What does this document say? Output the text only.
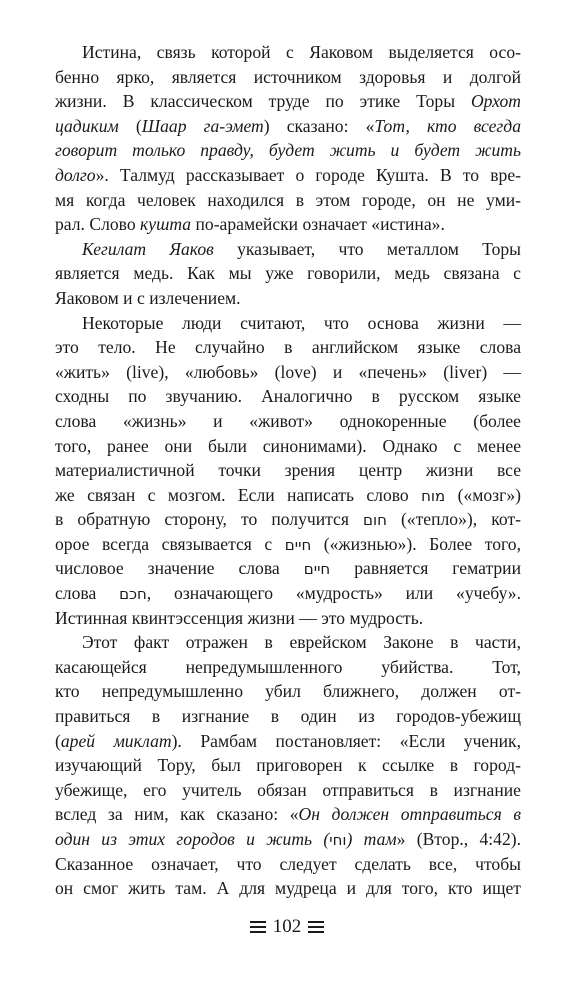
Истина, связь которой с Яаковом выделяется осо-
бенно ярко, является источником здоровья и долгой
жизни. В классическом труде по этике Торы Орхот
цадиким (Шаар га-эмет) сказано: «Тот, кто всегда
говорит только правду, будет жить и будет жить
долго». Талмуд рассказывает о городе Кушта. В то вре-
мя когда человек находился в этом городе, он не уми-
рал. Слово кушта по-арамейски означает «истина».
Кегилат Яаков указывает, что металлом Торы
является медь. Как мы уже говорили, медь связана с
Яаковом и с излечением.
Некоторые люди считают, что основа жизни —
это тело. Не случайно в английском языке слова
«жить» (live), «любовь» (love) и «печень» (liver) —
сходны по звучанию. Аналогично в русском языке
слова «жизнь» и «живот» однокоренные (более
того, ранее они были синонимами). Однако с менее
материалистичной точки зрения центр жизни все
же связан с мозгом. Если написать слово מוח («мозг»)
в обратную сторону, то получится חום («тепло»), кот-
орое всегда связывается с חיים («жизнью»). Более того,
числовое значение слова חיים равняется гематрии
слова חכם, означающего «мудрость» или «учебу».
Истинная квинтэссенция жизни — это мудрость.
Этот факт отражен в еврейском Законе в части,
касающейся непредумышленного убийства. Тот,
кто непредумышленно убил ближнего, должен от-
правиться в изгнание в один из городов-убежищ
(арей миклат). Рамбам постановляет: «Если ученик,
изучающий Тору, был приговорен к ссылке в город-
убежище, его учитель обязан отправиться в изгнание
вслед за ним, как сказано: «Он должен отправиться в
один из этих городов и жить (וחי) там» (Втор., 4:42).
Сказанное означает, что следует сделать все, чтобы
он смог жить там. А для мудреца и для того, кто ищет
102
